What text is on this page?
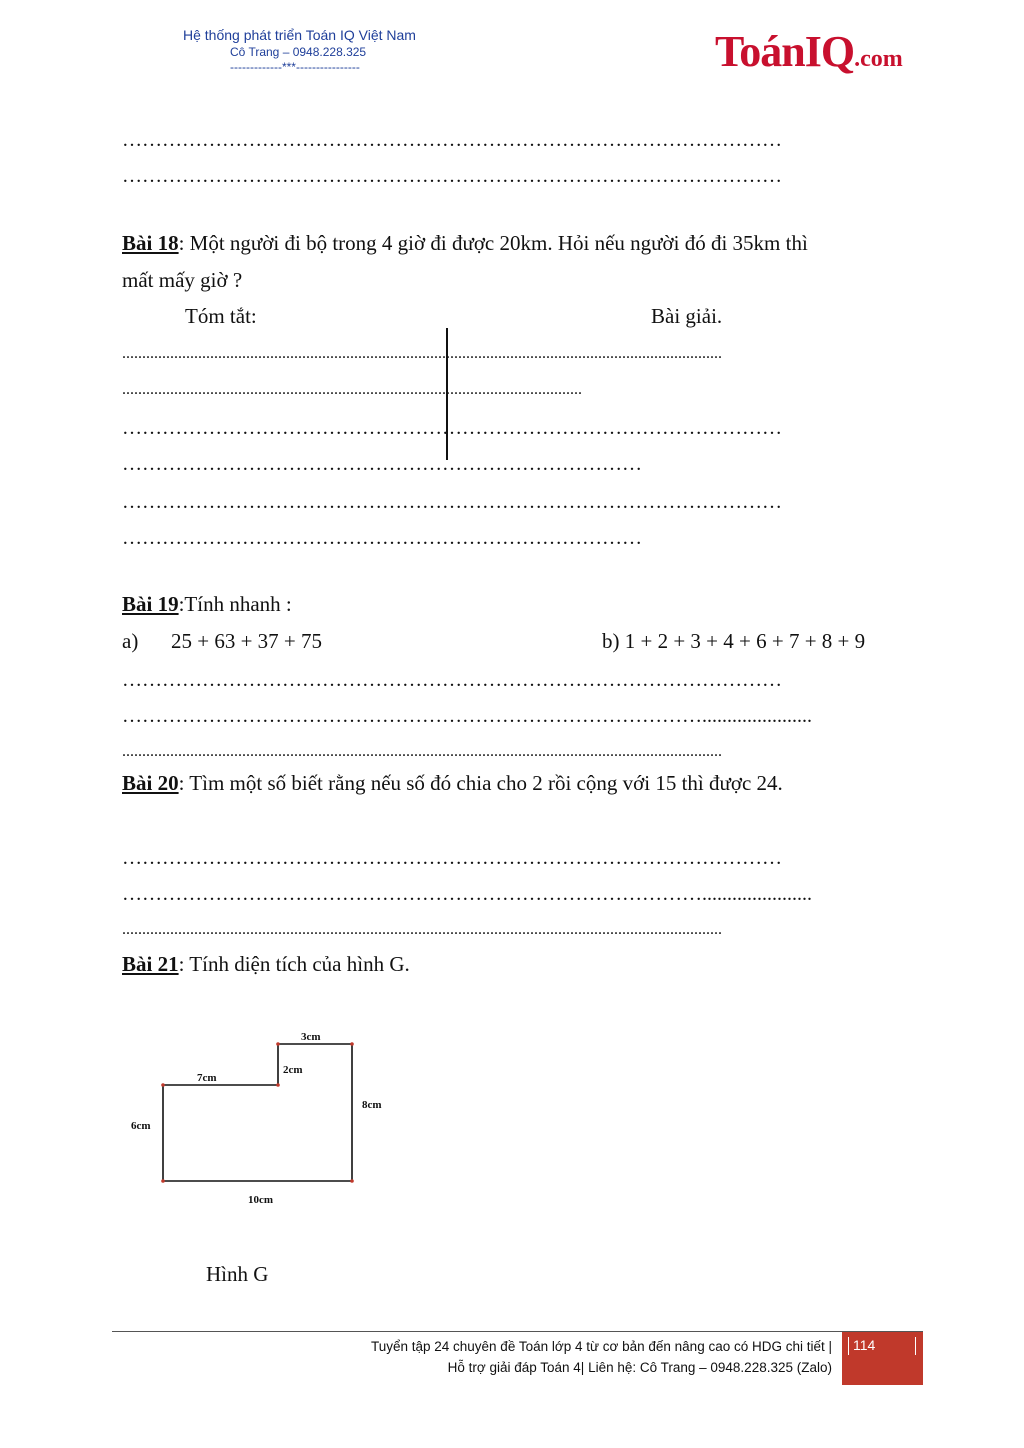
Hệ thống phát triển Toán IQ Việt Nam
Cô Trang – 0948.228.325
-------------***----------------	ToánIQ.com
………………………………………………………………………………………
………………………………………………………………………………………
Bài 18: Một người đi bộ trong 4 giờ đi được 20km. Hỏi nếu người đó đi 35km thì
mất mấy giờ ?
Tóm tắt:	Bài giải.
......................................................................................................................................................
...................................................................................................................
………………………………………………………………………………………
……………………………………………………………………
………………………………………………………………………………………
……………………………………………………………………
Bài 19:Tính nhanh :
a) 25 + 63 + 37 + 75	b) 1 + 2 + 3 + 4 + 6 + 7 + 8 + 9
………………………………………………………………………………………
……………………………………………………………………………......................
......................................................................................................................................................
Bài 20: Tìm một số biết rằng nếu số đó chia cho 2 rồi cộng với 15 thì được 24.
………………………………………………………………………………………
……………………………………………………………………………......................
......................................................................................................................................................
Bài 21: Tính diện tích của hình G.
3cm
7cm
2cm
8cm
6cm
10cm
Hình G
Tuyển tập 24 chuyên đề Toán lớp 4 từ cơ bản đến nâng cao có HDG chi tiết |
Hỗ trợ giải đáp Toán 4| Liên hệ: Cô Trang – 0948.228.325 (Zalo)
114
